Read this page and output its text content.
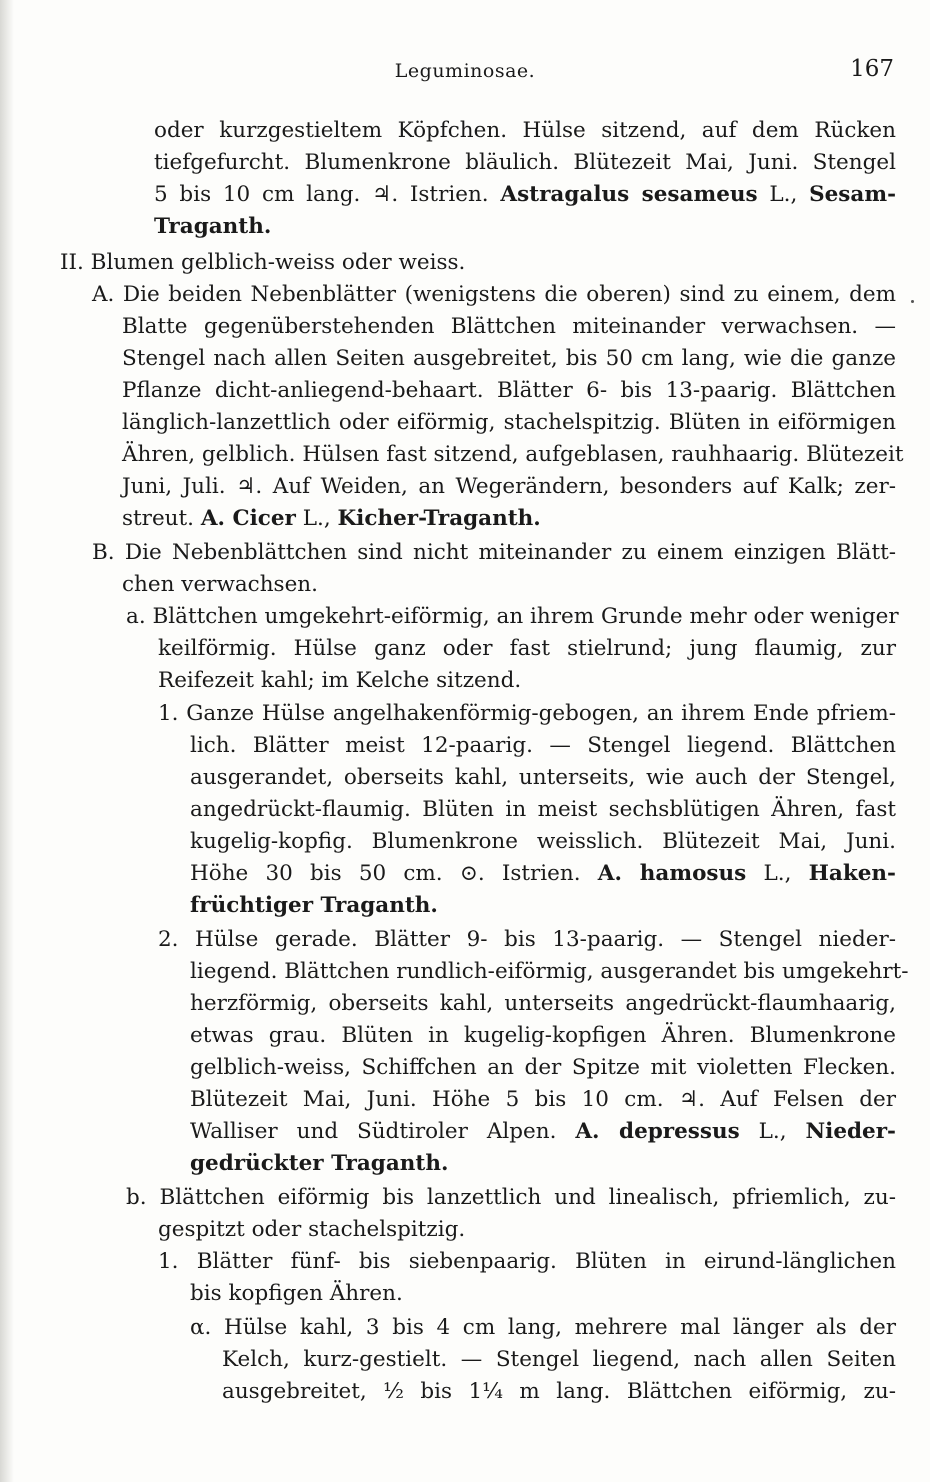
Leguminosae.	167
oder kurzgestieltem Köpfchen. Hülse sitzend, auf dem Rücken
tiefgefurcht. Blumenkrone bläulich. Blütezeit Mai, Juni. Stengel
5 bis 10 cm lang. ♃. Istrien. Astragalus sesameus L., Sesam-
Traganth.
II. Blumen gelblich-weiss oder weiss.
A. Die beiden Nebenblätter (wenigstens die oberen) sind zu einem, dem
Blatte gegenüberstehenden Blättchen miteinander verwachsen. —
Stengel nach allen Seiten ausgebreitet, bis 50 cm lang, wie die ganze
Pflanze dicht-anliegend-behaart. Blätter 6- bis 13-paarig. Blättchen
länglich-lanzettlich oder eiförmig, stachelspitzig. Blüten in eiförmigen
Ähren, gelblich. Hülsen fast sitzend, aufgeblasen, rauhhaarig. Blütezeit
Juni, Juli. ♃. Auf Weiden, an Wegerändern, besonders auf Kalk; zer-
streut. A. Cicer L., Kicher-Traganth.
B. Die Nebenblättchen sind nicht miteinander zu einem einzigen Blätt-
chen verwachsen.
a. Blättchen umgekehrt-eiförmig, an ihrem Grunde mehr oder weniger
keilförmig. Hülse ganz oder fast stielrund; jung flaumig, zur
Reifezeit kahl; im Kelche sitzend.
1. Ganze Hülse angelhakenförmig-gebogen, an ihrem Ende pfriem-
lich. Blätter meist 12-paarig. — Stengel liegend. Blättchen
ausgerandet, oberseits kahl, unterseits, wie auch der Stengel,
angedrückt-flaumig. Blüten in meist sechsblütigen Ähren, fast
kugelig-kopfig. Blumenkrone weisslich. Blütezeit Mai, Juni.
Höhe 30 bis 50 cm. ⊙. Istrien. A. hamosus L., Haken-
früchtiger Traganth.
2. Hülse gerade. Blätter 9- bis 13-paarig. — Stengel nieder-
liegend. Blättchen rundlich-eiförmig, ausgerandet bis umgekehrt-
herzförmig, oberseits kahl, unterseits angedrückt-flaumhaarig,
etwas grau. Blüten in kugelig-kopfigen Ähren. Blumenkrone
gelblich-weiss, Schiffchen an der Spitze mit violetten Flecken.
Blütezeit Mai, Juni. Höhe 5 bis 10 cm. ♃. Auf Felsen der
Walliser und Südtiroler Alpen. A. depressus L., Nieder-
gedrückter Traganth.
b. Blättchen eiförmig bis lanzettlich und linealisch, pfriemlich, zu-
gespitzt oder stachelspitzig.
1. Blätter fünf- bis siebenpaarig. Blüten in eirund-länglichen
bis kopfigen Ähren.
α. Hülse kahl, 3 bis 4 cm lang, mehrere mal länger als der
Kelch, kurz-gestielt. — Stengel liegend, nach allen Seiten
ausgebreitet, ½ bis 1¼ m lang. Blättchen eiförmig, zu-
